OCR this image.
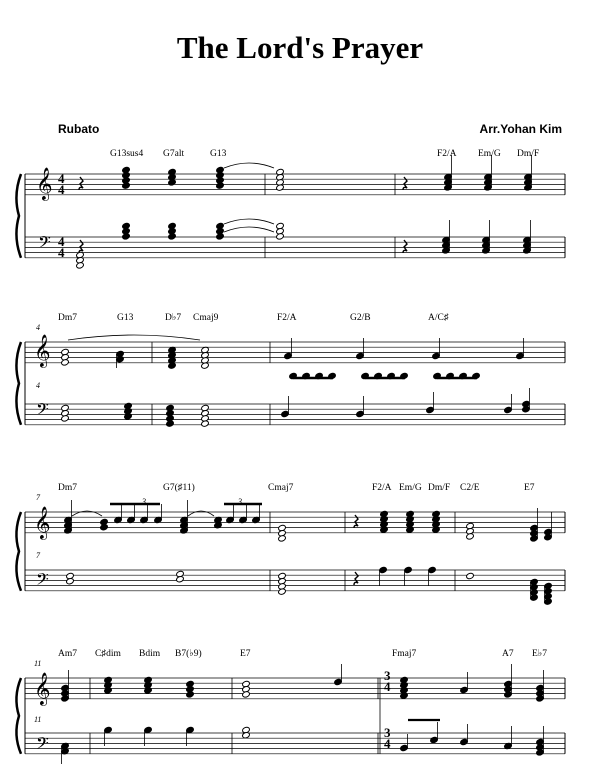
The Lord's Prayer
Rubato	Arr.Yohan Kim
𝄞
𝄢
𝄞
𝄢
𝄞
𝄢
𝄞
𝄢
4
4
4
4
3
4
3
4
4
4
7
7
11
11
G13sus4 G7alt	G13	F2/A Em/G Dm/F
Dm7	G13	D♭7 Cmaj9	F2/A	G2/B	A/C♯
Dm7	G7(♯11)	Cmaj7	F2/A Em/G Dm/F C2/E	E7
Am7 C♯dim Bdim B7(♭9)	E7	Fmaj7	A7 E♭7
3	3
